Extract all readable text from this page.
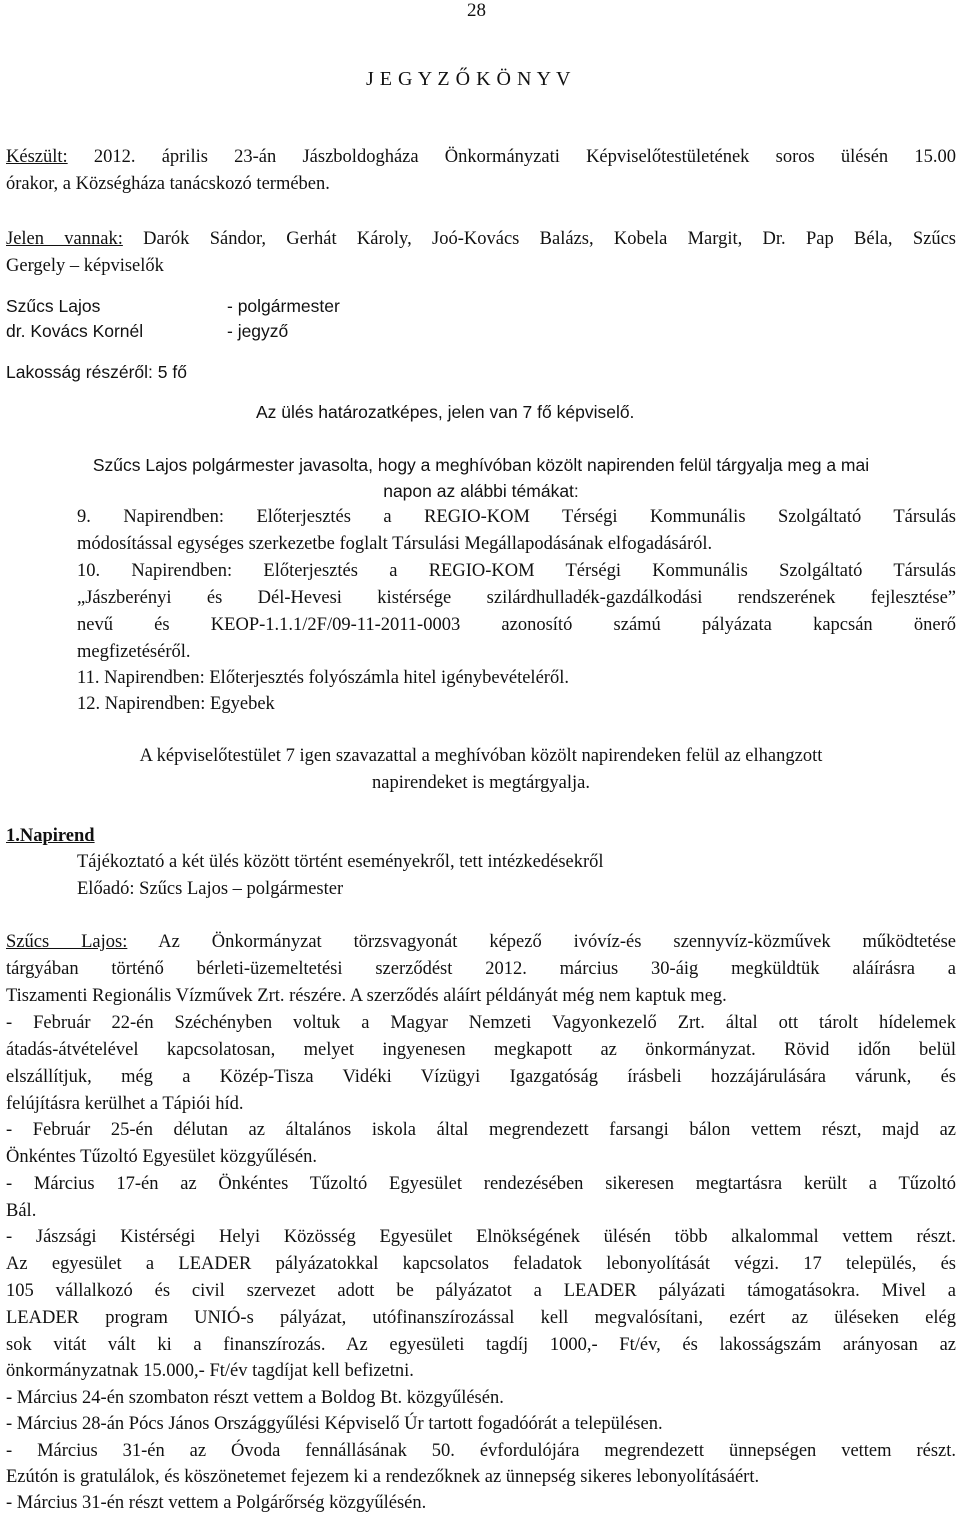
28
J E G Y Z Ő K Ö N Y V
Készült: 2012. április 23-án Jászboldogháza Önkormányzati Képviselőtestületének soros ülésén 15.00
órakor, a Községháza tanácskozó termében.
Jelen vannak: Darók Sándor, Gerhát Károly, Joó-Kovács Balázs, Kobela Margit, Dr. Pap Béla, Szűcs
Gergely – képviselők
Szűcs Lajos	- polgármester
dr. Kovács Kornél	- jegyző
Lakosság részéről: 5 fő
Az ülés határozatképes, jelen van 7 fő képviselő.
Szűcs Lajos polgármester javasolta, hogy a meghívóban közölt napirenden felül tárgyalja meg a mai
napon az alábbi témákat:
9. Napirendben: Előterjesztés a REGIO-KOM Térségi Kommunális Szolgáltató Társulás
módosítással egységes szerkezetbe foglalt Társulási Megállapodásának elfogadásáról.
10. Napirendben: Előterjesztés a REGIO-KOM Térségi Kommunális Szolgáltató Társulás
„Jászberényi és Dél-Hevesi kistérsége szilárdhulladék-gazdálkodási rendszerének fejlesztése”
nevű és KEOP-1.1.1/2F/09-11-2011-0003 azonosító számú pályázata kapcsán önerő
megfizetéséről.
11. Napirendben: Előterjesztés folyószámla hitel igénybevételéről.
12. Napirendben: Egyebek
A képviselőtestület 7 igen szavazattal a meghívóban közölt napirendeken felül az elhangzott
napirendeket is megtárgyalja.
1.Napirend
Tájékoztató a két ülés között történt eseményekről, tett intézkedésekről
Előadó: Szűcs Lajos – polgármester
Szűcs Lajos: Az Önkormányzat törzsvagyonát képező ivóvíz-és szennyvíz-közművek működtetése
tárgyában történő bérleti-üzemeltetési szerződést 2012. március 30-áig megküldtük aláírásra a
Tiszamenti Regionális Vízművek Zrt. részére. A szerződés aláírt példányát még nem kaptuk meg.
- Február 22-én Széchényben voltuk a Magyar Nemzeti Vagyonkezelő Zrt. által ott tárolt hídelemek
átadás-átvételével kapcsolatosan, melyet ingyenesen megkapott az önkormányzat. Rövid időn belül
elszállítjuk, még a Közép-Tisza Vidéki Vízügyi Igazgatóság írásbeli hozzájárulására várunk, és
felújításra kerülhet a Tápiói híd.
- Február 25-én délutan az általános iskola által megrendezett farsangi bálon vettem részt, majd az
Önkéntes Tűzoltó Egyesület közgyűlésén.
- Március 17-én az Önkéntes Tűzoltó Egyesület rendezésében sikeresen megtartásra került a Tűzoltó
Bál.
- Jászsági Kistérségi Helyi Közösség Egyesület Elnökségének ülésén több alkalommal vettem részt.
Az egyesület a LEADER pályázatokkal kapcsolatos feladatok lebonyolítását végzi. 17 település, és
105 vállalkozó és civil szervezet adott be pályázatot a LEADER pályázati támogatásokra. Mivel a
LEADER program UNIÓ-s pályázat, utófinanszírozással kell megvalósítani, ezért az üléseken elég
sok vitát vált ki a finanszírozás. Az egyesületi tagdíj 1000,- Ft/év, és lakosságszám arányosan az
önkormányzatnak 15.000,- Ft/év tagdíjat kell befizetni.
- Március 24-én szombaton részt vettem a Boldog Bt. közgyűlésén.
- Március 28-án Pócs János Országgyűlési Képviselő Úr tartott fogadóórát a településen.
- Március 31-én az Óvoda fennállásának 50. évfordulójára megrendezett ünnepségen vettem részt.
Ezútón is gratulálok, és köszönetemet fejezem ki a rendezőknek az ünnepség sikeres lebonyolításáért.
- Március 31-én részt vettem a Polgárőrség közgyűlésén.
